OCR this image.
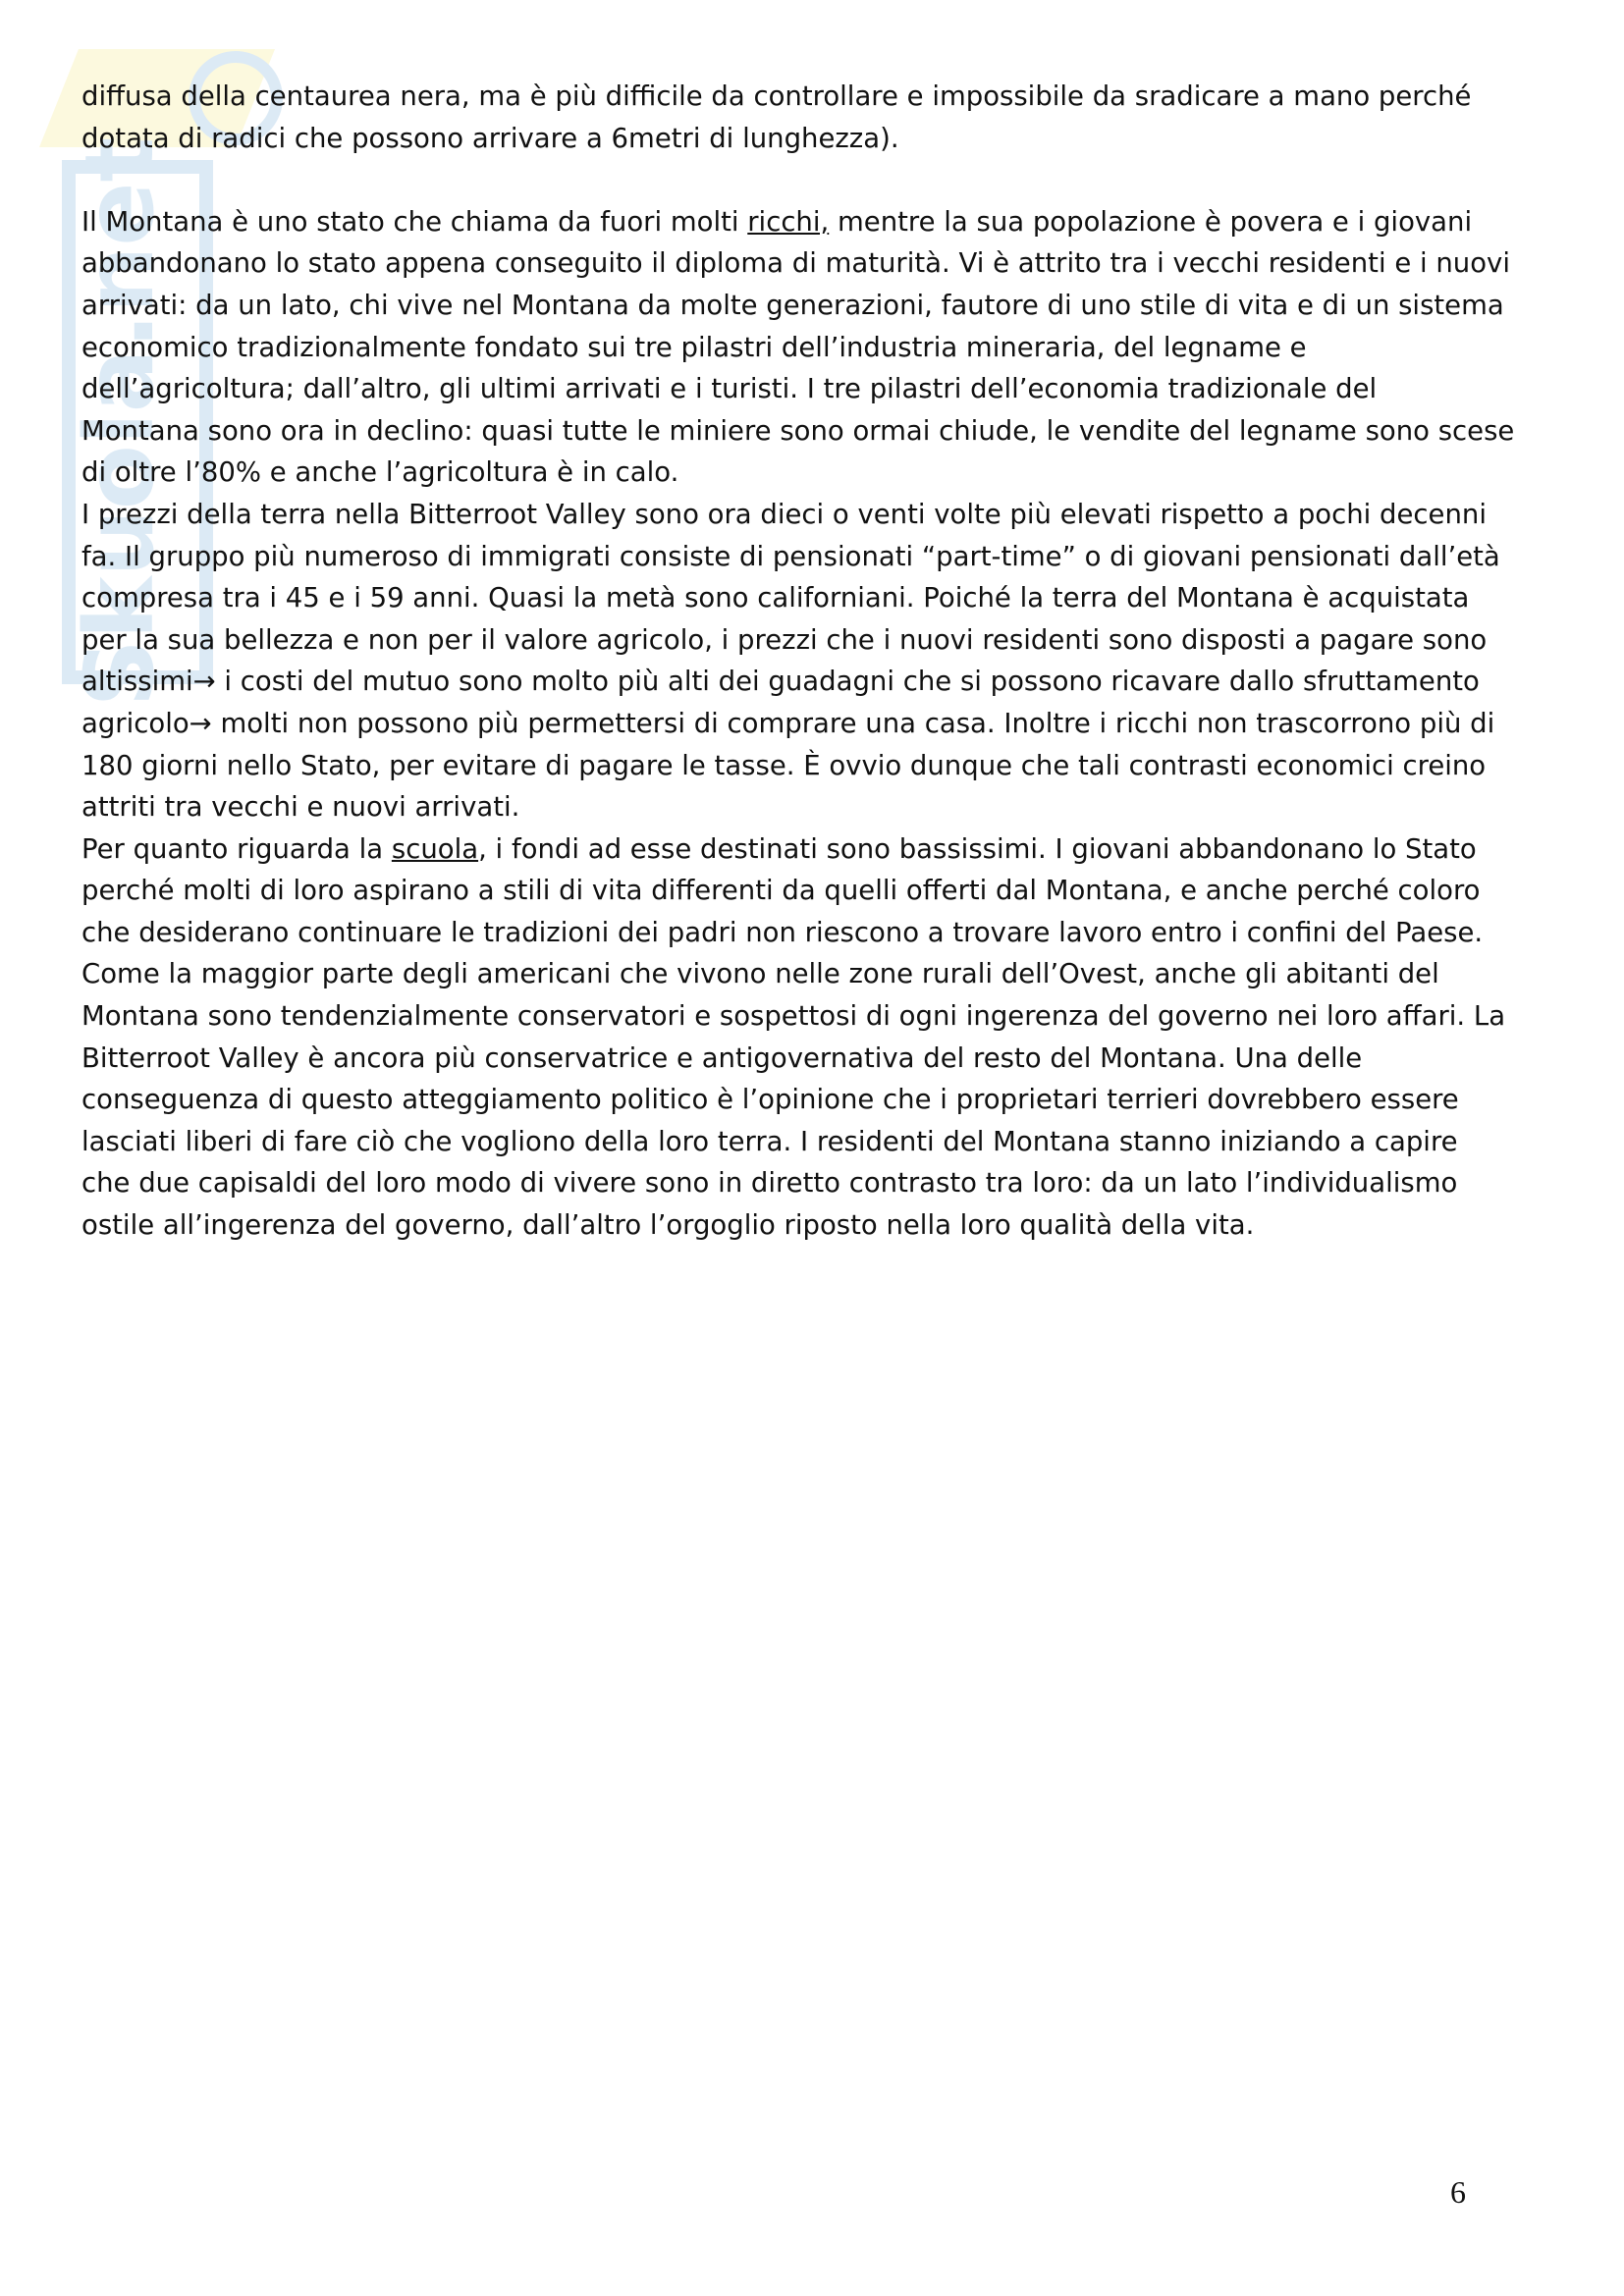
Skuola.net

diffusa della centaurea nera, ma è più difficile da controllare e impossibile da sradicare a mano perché

dotata di radici che possono arrivare a 6metri di lunghezza).

Il Montana è uno stato che chiama da fuori molti ricchi, mentre la sua popolazione è povera e i giovani

abbandonano lo stato appena conseguito il diploma di maturità. Vi è attrito tra i vecchi residenti e i nuovi

arrivati: da un lato, chi vive nel Montana da molte generazioni, fautore di uno stile di vita e di un sistema

economico tradizionalmente fondato sui tre pilastri dell’industria mineraria, del legname e

dell’agricoltura; dall’altro, gli ultimi arrivati e i turisti. I tre pilastri dell’economia tradizionale del

Montana sono ora in declino: quasi tutte le miniere sono ormai chiude, le vendite del legname sono scese

di oltre l’80% e anche l’agricoltura è in calo.

I prezzi della terra nella Bitterroot Valley sono ora dieci o venti volte più elevati rispetto a pochi decenni

fa. Il gruppo più numeroso di immigrati consiste di pensionati “part-time” o di giovani pensionati dall’età

compresa tra i 45 e i 59 anni. Quasi la metà sono californiani. Poiché la terra del Montana è acquistata

per la sua bellezza e non per il valore agricolo, i prezzi che i nuovi residenti sono disposti a pagare sono

altissimi→ i costi del mutuo sono molto più alti dei guadagni che si possono ricavare dallo sfruttamento

agricolo→ molti non possono più permettersi di comprare una casa. Inoltre i ricchi non trascorrono più di

180 giorni nello Stato, per evitare di pagare le tasse. È ovvio dunque che tali contrasti economici creino

attriti tra vecchi e nuovi arrivati.

Per quanto riguarda la scuola, i fondi ad esse destinati sono bassissimi. I giovani abbandonano lo Stato

perché molti di loro aspirano a stili di vita differenti da quelli offerti dal Montana, e anche perché coloro

che desiderano continuare le tradizioni dei padri non riescono a trovare lavoro entro i confini del Paese.

Come la maggior parte degli americani che vivono nelle zone rurali dell’Ovest, anche gli abitanti del

Montana sono tendenzialmente conservatori e sospettosi di ogni ingerenza del governo nei loro affari. La

Bitterroot Valley è ancora più conservatrice e antigovernativa del resto del Montana. Una delle

conseguenza di questo atteggiamento politico è l’opinione che i proprietari terrieri dovrebbero essere

lasciati liberi di fare ciò che vogliono della loro terra. I residenti del Montana stanno iniziando a capire

che due capisaldi del loro modo di vivere sono in diretto contrasto tra loro: da un lato l’individualismo

ostile all’ingerenza del governo, dall’altro l’orgoglio riposto nella loro qualità della vita.

6
